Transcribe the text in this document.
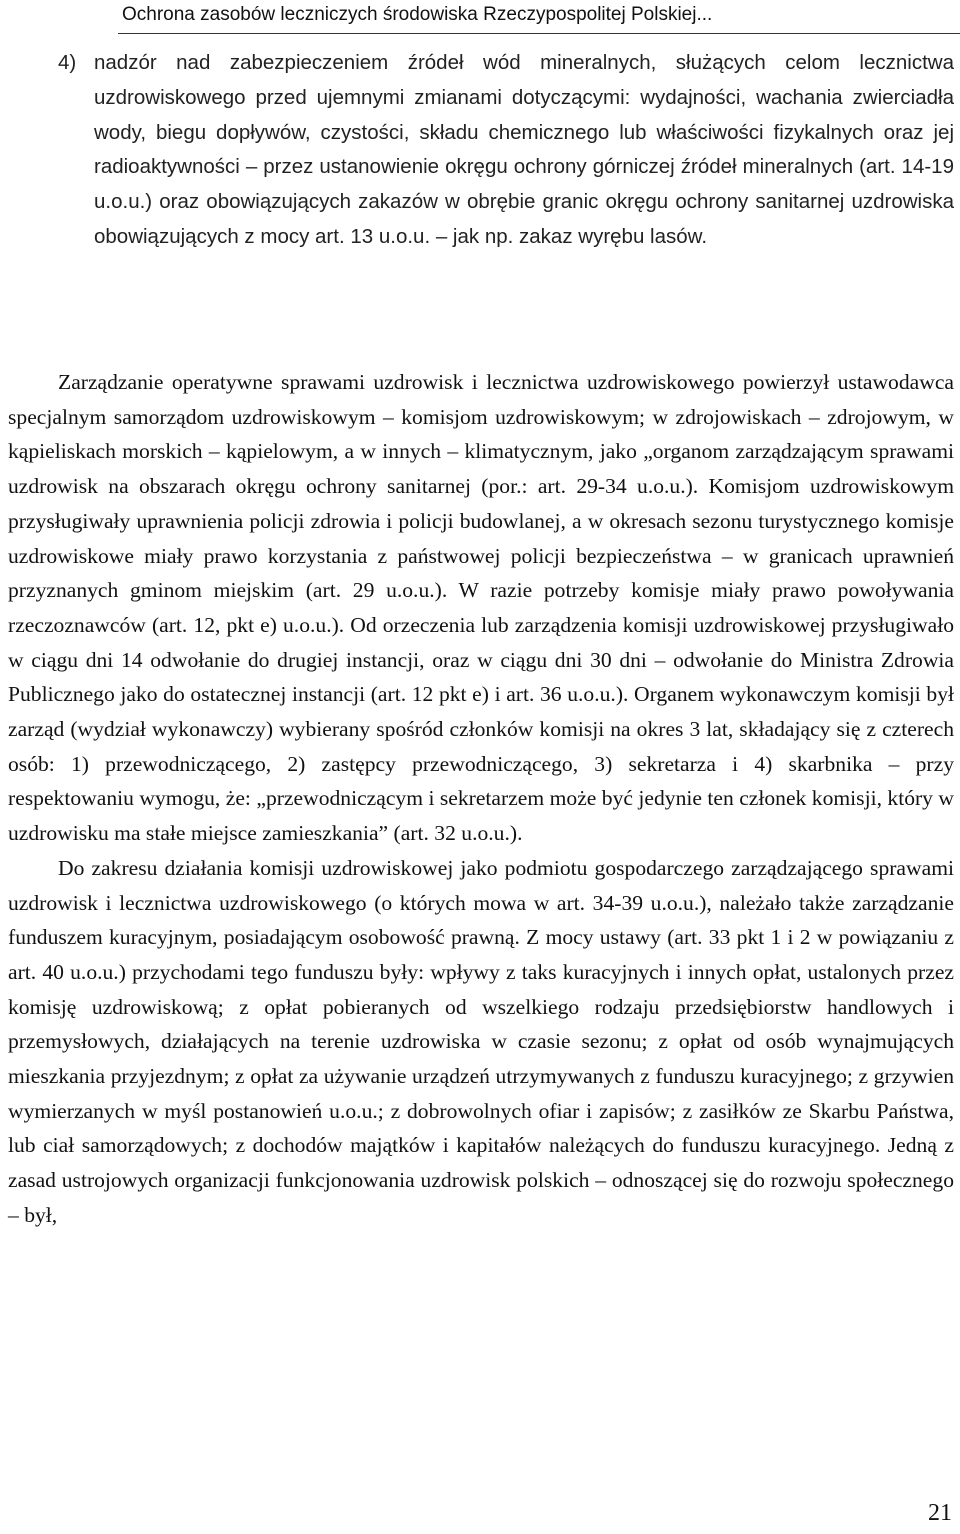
Ochrona zasobów leczniczych środowiska Rzeczypospolitej Polskiej...
4) nadzór nad zabezpieczeniem źródeł wód mineralnych, służących celom lecznictwa uzdrowiskowego przed ujemnymi zmianami dotyczącymi: wydajności, wachania zwierciadła wody, biegu dopływów, czystości, składu chemicznego lub właściwości fizykalnych oraz jej radioaktywności – przez ustanowienie okręgu ochrony górniczej źródeł mineralnych (art. 14-19 u.o.u.) oraz obowiązujących zakazów w obrębie granic okręgu ochrony sanitarnej uzdrowiska obowiązujących z mocy art. 13 u.o.u. – jak np. zakaz wyrębu lasów.

Zarządzanie operatywne sprawami uzdrowisk i lecznictwa uzdrowiskowego powierzył ustawodawca specjalnym samorządom uzdrowiskowym – komisjom uzdrowiskowym; w zdrojowiskach – zdrojowym, w kąpieliskach morskich – kąpielowym, a w innych – klimatycznym, jako „organom zarządzającym sprawami uzdrowisk na obszarach okręgu ochrony sanitarnej (por.: art. 29-34 u.o.u.). Komisjom uzdrowiskowym przysługiwały uprawnienia policji zdrowia i policji budowlanej, a w okresach sezonu turystycznego komisje uzdrowiskowe miały prawo korzystania z państwowej policji bezpieczeństwa – w granicach uprawnień przyznanych gminom miejskim (art. 29 u.o.u.). W razie potrzeby komisje miały prawo powoływania rzeczoznawców (art. 12, pkt e) u.o.u.). Od orzeczenia lub zarządzenia komisji uzdrowiskowej przysługiwało w ciągu dni 14 odwołanie do drugiej instancji, oraz w ciągu dni 30 dni – odwołanie do Ministra Zdrowia Publicznego jako do ostatecznej instancji (art. 12 pkt e) i art. 36 u.o.u.). Organem wykonawczym komisji był zarząd (wydział wykonawczy) wybierany spośród członków komisji na okres 3 lat, składający się z czterech osób: 1) przewodniczącego, 2) zastępcy przewodniczącego, 3) sekretarza i 4) skarbnika – przy respektowaniu wymogu, że: „przewodniczącym i sekretarzem może być jedynie ten członek komisji, który w uzdrowisku ma stałe miejsce zamieszkania” (art. 32 u.o.u.).

Do zakresu działania komisji uzdrowiskowej jako podmiotu gospodarczego zarządzającego sprawami uzdrowisk i lecznictwa uzdrowiskowego (o których mowa w art. 34-39 u.o.u.), należało także zarządzanie funduszem kuracyjnym, posiadającym osobowość prawną. Z mocy ustawy (art. 33 pkt 1 i 2 w powiązaniu z art. 40 u.o.u.) przychodami tego funduszu były: wpływy z taks kuracyjnych i innych opłat, ustalonych przez komisję uzdrowiskową; z opłat pobieranych od wszelkiego rodzaju przedsiębiorstw handlowych i przemysłowych, działających na terenie uzdrowiska w czasie sezonu; z opłat od osób wynajmujących mieszkania przyjezdnym; z opłat za używanie urządzeń utrzymywanych z funduszu kuracyjnego; z grzywien wymierzanych w myśl postanowień u.o.u.; z dobrowolnych ofiar i zapisów; z zasiłków ze Skarbu Państwa, lub ciał samorządowych; z dochodów majątków i kapitałów należących do funduszu kuracyjnego. Jedną z zasad ustrojowych organizacji funkcjonowania uzdrowisk polskich – odnoszącej się do rozwoju społecznego – był,

21
